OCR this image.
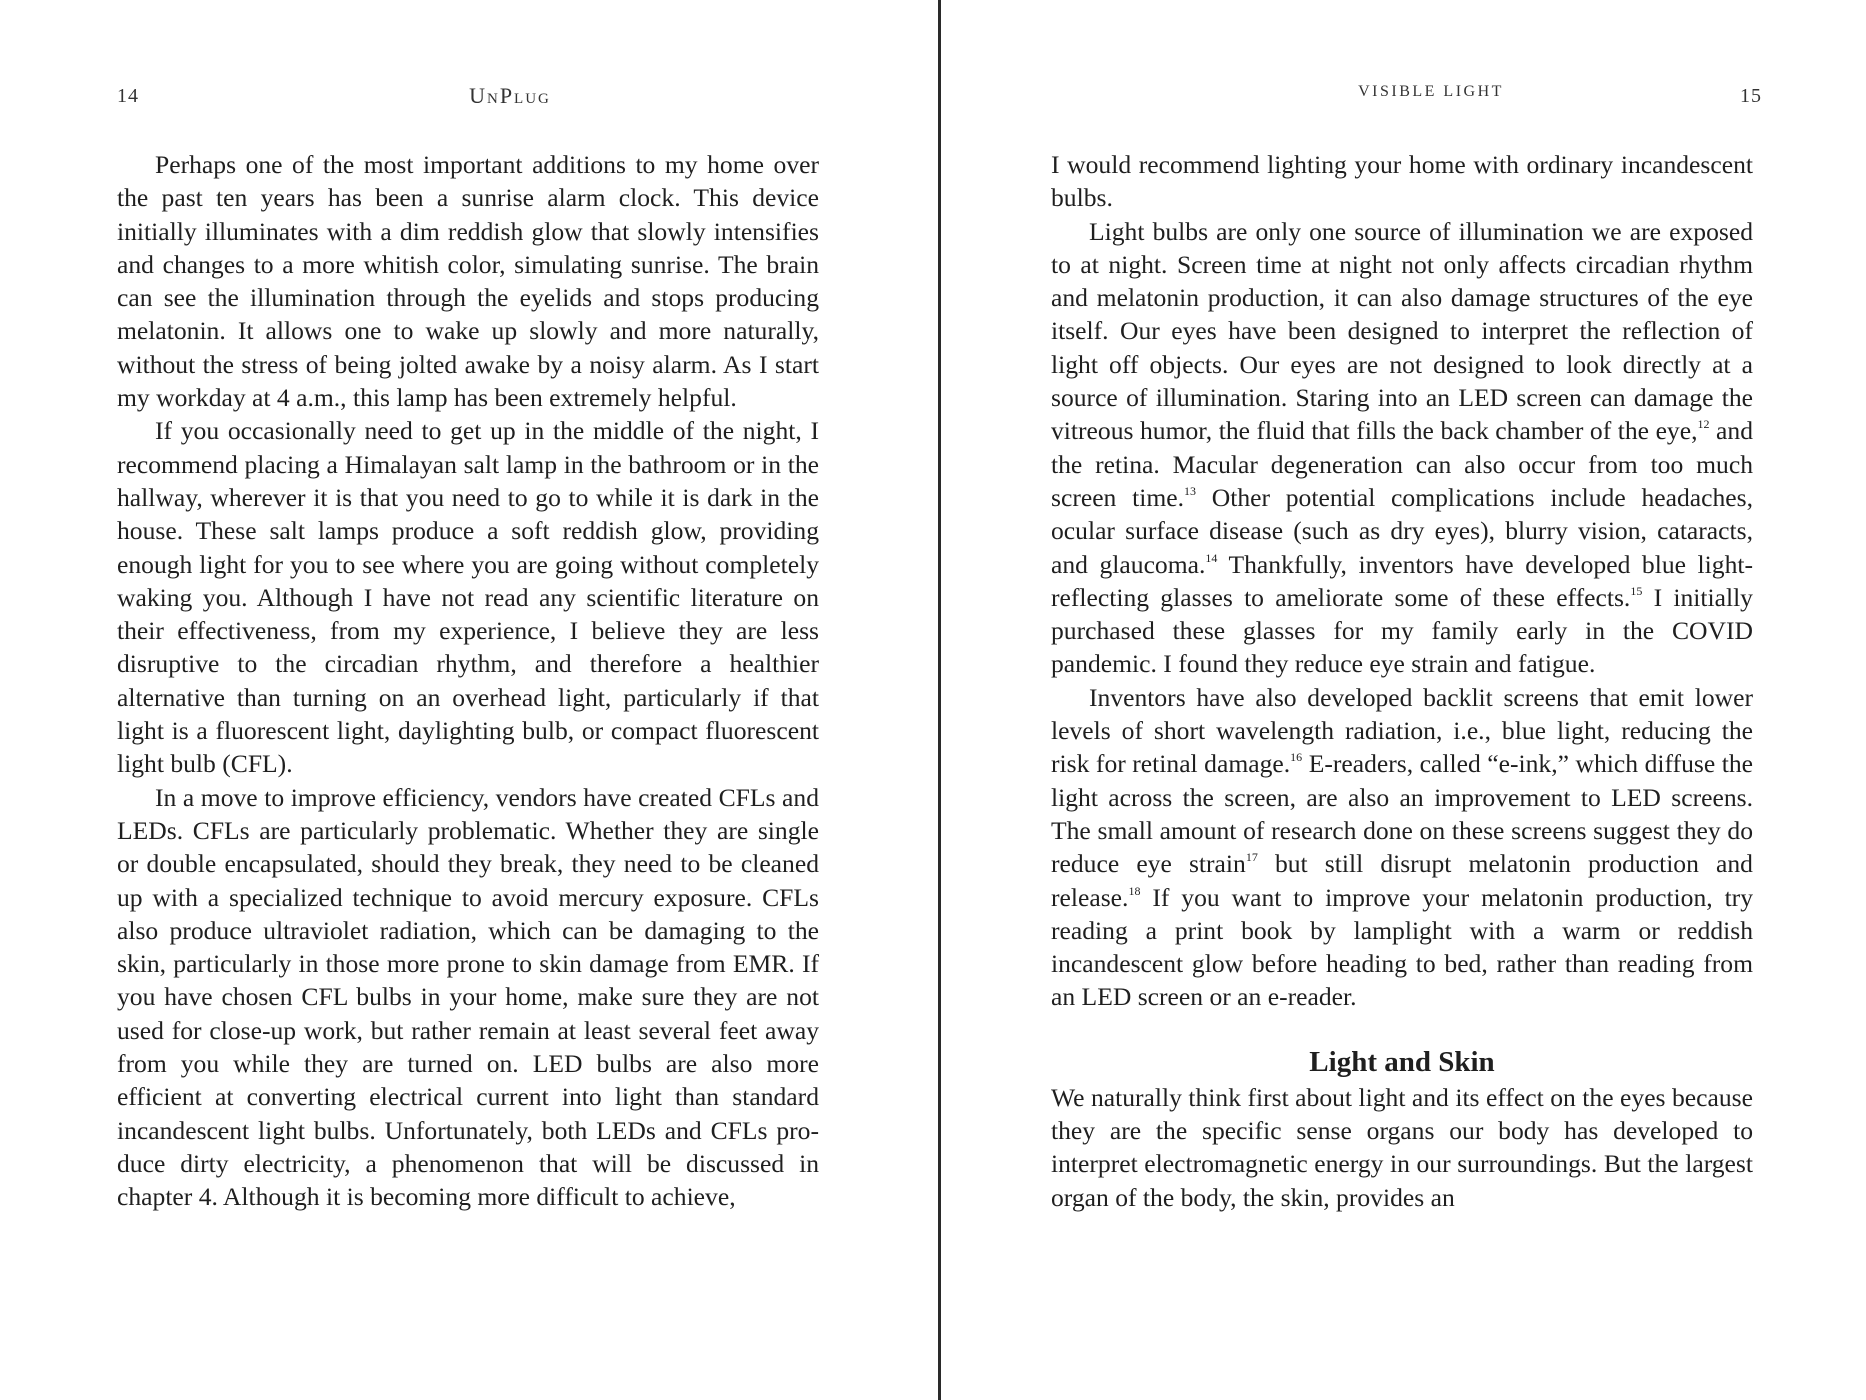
14	UnPlug

Perhaps one of the most important additions to my home over the past ten years has been a sunrise alarm clock. This device initially illuminates with a dim reddish glow that slowly intensifies and changes to a more whitish color, simulating sunrise. The brain can see the illumination through the eyelids and stops producing melatonin. It allows one to wake up slowly and more naturally, without the stress of being jolted awake by a noisy alarm. As I start my workday at 4 a.m., this lamp has been extremely helpful.

If you occasionally need to get up in the middle of the night, I recommend placing a Himalayan salt lamp in the bathroom or in the hallway, wherever it is that you need to go to while it is dark in the house. These salt lamps produce a soft reddish glow, providing enough light for you to see where you are going without completely waking you. Although I have not read any scientific literature on their effectiveness, from my experience, I believe they are less disruptive to the circadian rhythm, and therefore a healthier alternative than turning on an overhead light, particularly if that light is a fluorescent light, daylighting bulb, or compact fluorescent light bulb (CFL).

In a move to improve efficiency, vendors have created CFLs and LEDs. CFLs are particularly problematic. Whether they are single or double encapsulated, should they break, they need to be cleaned up with a specialized technique to avoid mercury exposure. CFLs also produce ultraviolet radiation, which can be damaging to the skin, particularly in those more prone to skin damage from EMR. If you have chosen CFL bulbs in your home, make sure they are not used for close-up work, but rather remain at least several feet away from you while they are turned on. LED bulbs are also more efficient at converting electrical current into light than standard incandescent light bulbs. Unfortunately, both LEDs and CFLs produce dirty electricity, a phenomenon that will be discussed in chapter 4. Although it is becoming more difficult to achieve,

VISIBLE LIGHT	15

I would recommend lighting your home with ordinary incandescent bulbs.

Light bulbs are only one source of illumination we are exposed to at night. Screen time at night not only affects circadian rhythm and melatonin production, it can also damage structures of the eye itself. Our eyes have been designed to interpret the reflection of light off objects. Our eyes are not designed to look directly at a source of illumination. Staring into an LED screen can damage the vitreous humor, the fluid that fills the back chamber of the eye,$^{12}$ and the retina. Macular degeneration can also occur from too much screen time.$^{13}$ Other potential complications include headaches, ocular surface disease (such as dry eyes), blurry vision, cataracts, and glaucoma.$^{14}$ Thankfully, inventors have developed blue light-reflecting glasses to ameliorate some of these effects.$^{15}$ I initially purchased these glasses for my family early in the COVID pandemic. I found they reduce eye strain and fatigue.

Inventors have also developed backlit screens that emit lower levels of short wavelength radiation, i.e., blue light, reducing the risk for retinal damage.$^{16}$ E-readers, called “e-ink,” which diffuse the light across the screen, are also an improvement to LED screens. The small amount of research done on these screens suggest they do reduce eye strain$^{17}$ but still disrupt melatonin production and release.$^{18}$ If you want to improve your melatonin production, try reading a print book by lamplight with a warm or reddish incandescent glow before heading to bed, rather than reading from an LED screen or an e-reader.

Light and Skin

We naturally think first about light and its effect on the eyes because they are the specific sense organs our body has developed to interpret electromagnetic energy in our surroundings. But the largest organ of the body, the skin, provides an
